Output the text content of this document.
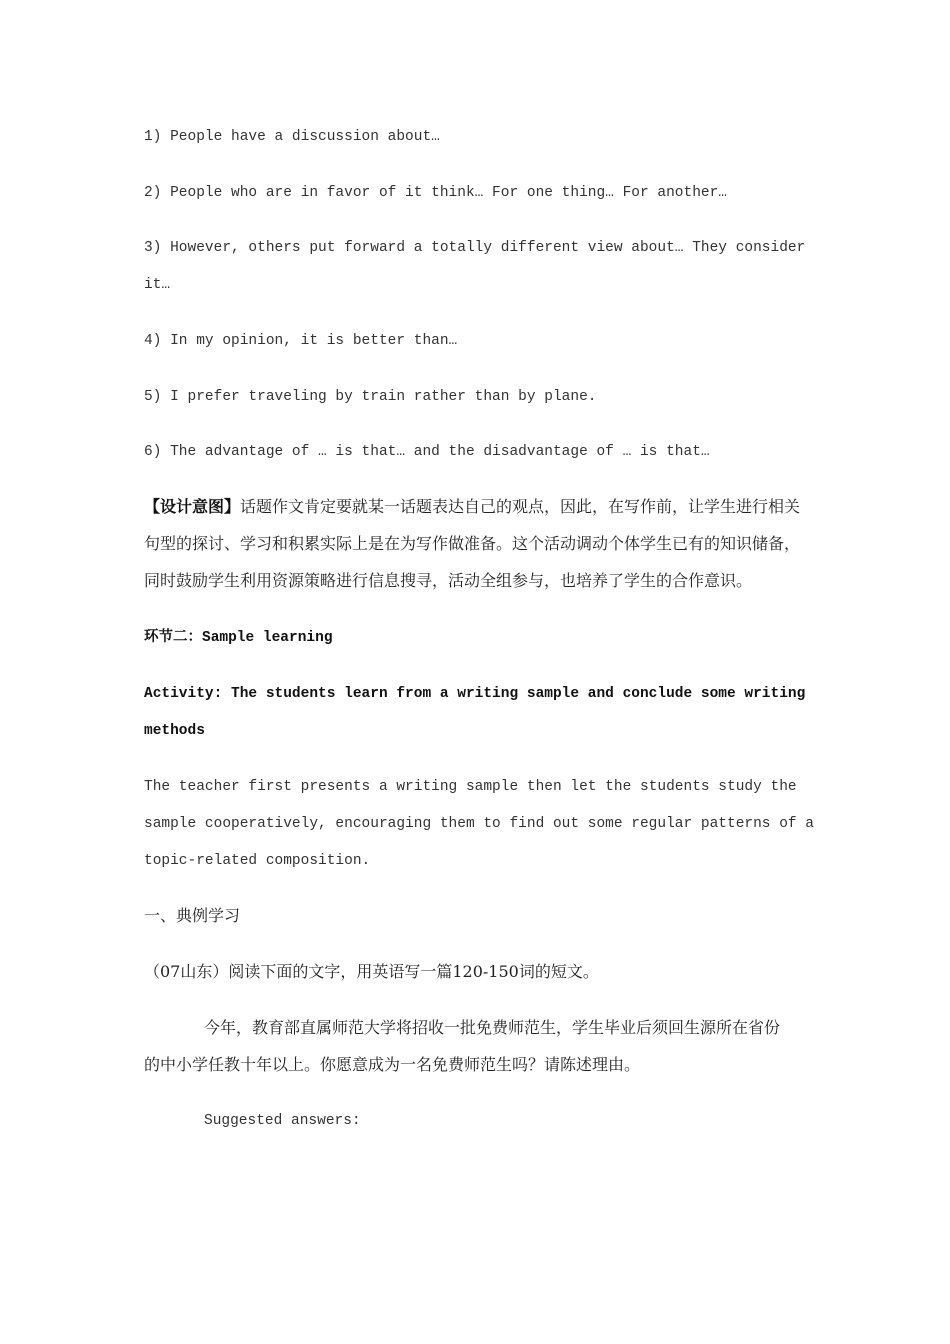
1) People have a discussion about…
2) People who are in favor of it think… For one thing… For another…
3) However, others put forward a totally different view about… They consider
it…
4) In my opinion, it is better than…
5) I prefer traveling by train rather than by plane.
6) The advantage of … is that… and the disadvantage of … is that…
【设计意图】话题作文肯定要就某一话题表达自己的观点，因此，在写作前，让学生进行相关
句型的探讨、学习和积累实际上是在为写作做准备。这个活动调动个体学生已有的知识储备，
同时鼓励学生利用资源策略进行信息搜寻，活动全组参与，也培养了学生的合作意识。
环节二：Sample learning
Activity: The students learn from a writing sample and conclude some writing
methods
The teacher first presents a writing sample then let the students study the
sample cooperatively, encouraging them to find out some regular patterns of a
topic-related composition.
一、典例学习
（07山东）阅读下面的文字，用英语写一篇120-150词的短文。
今年，教育部直属师范大学将招收一批免费师范生，学生毕业后须回生源所在省份
的中小学任教十年以上。你愿意成为一名免费师范生吗？请陈述理由。
Suggested answers:
